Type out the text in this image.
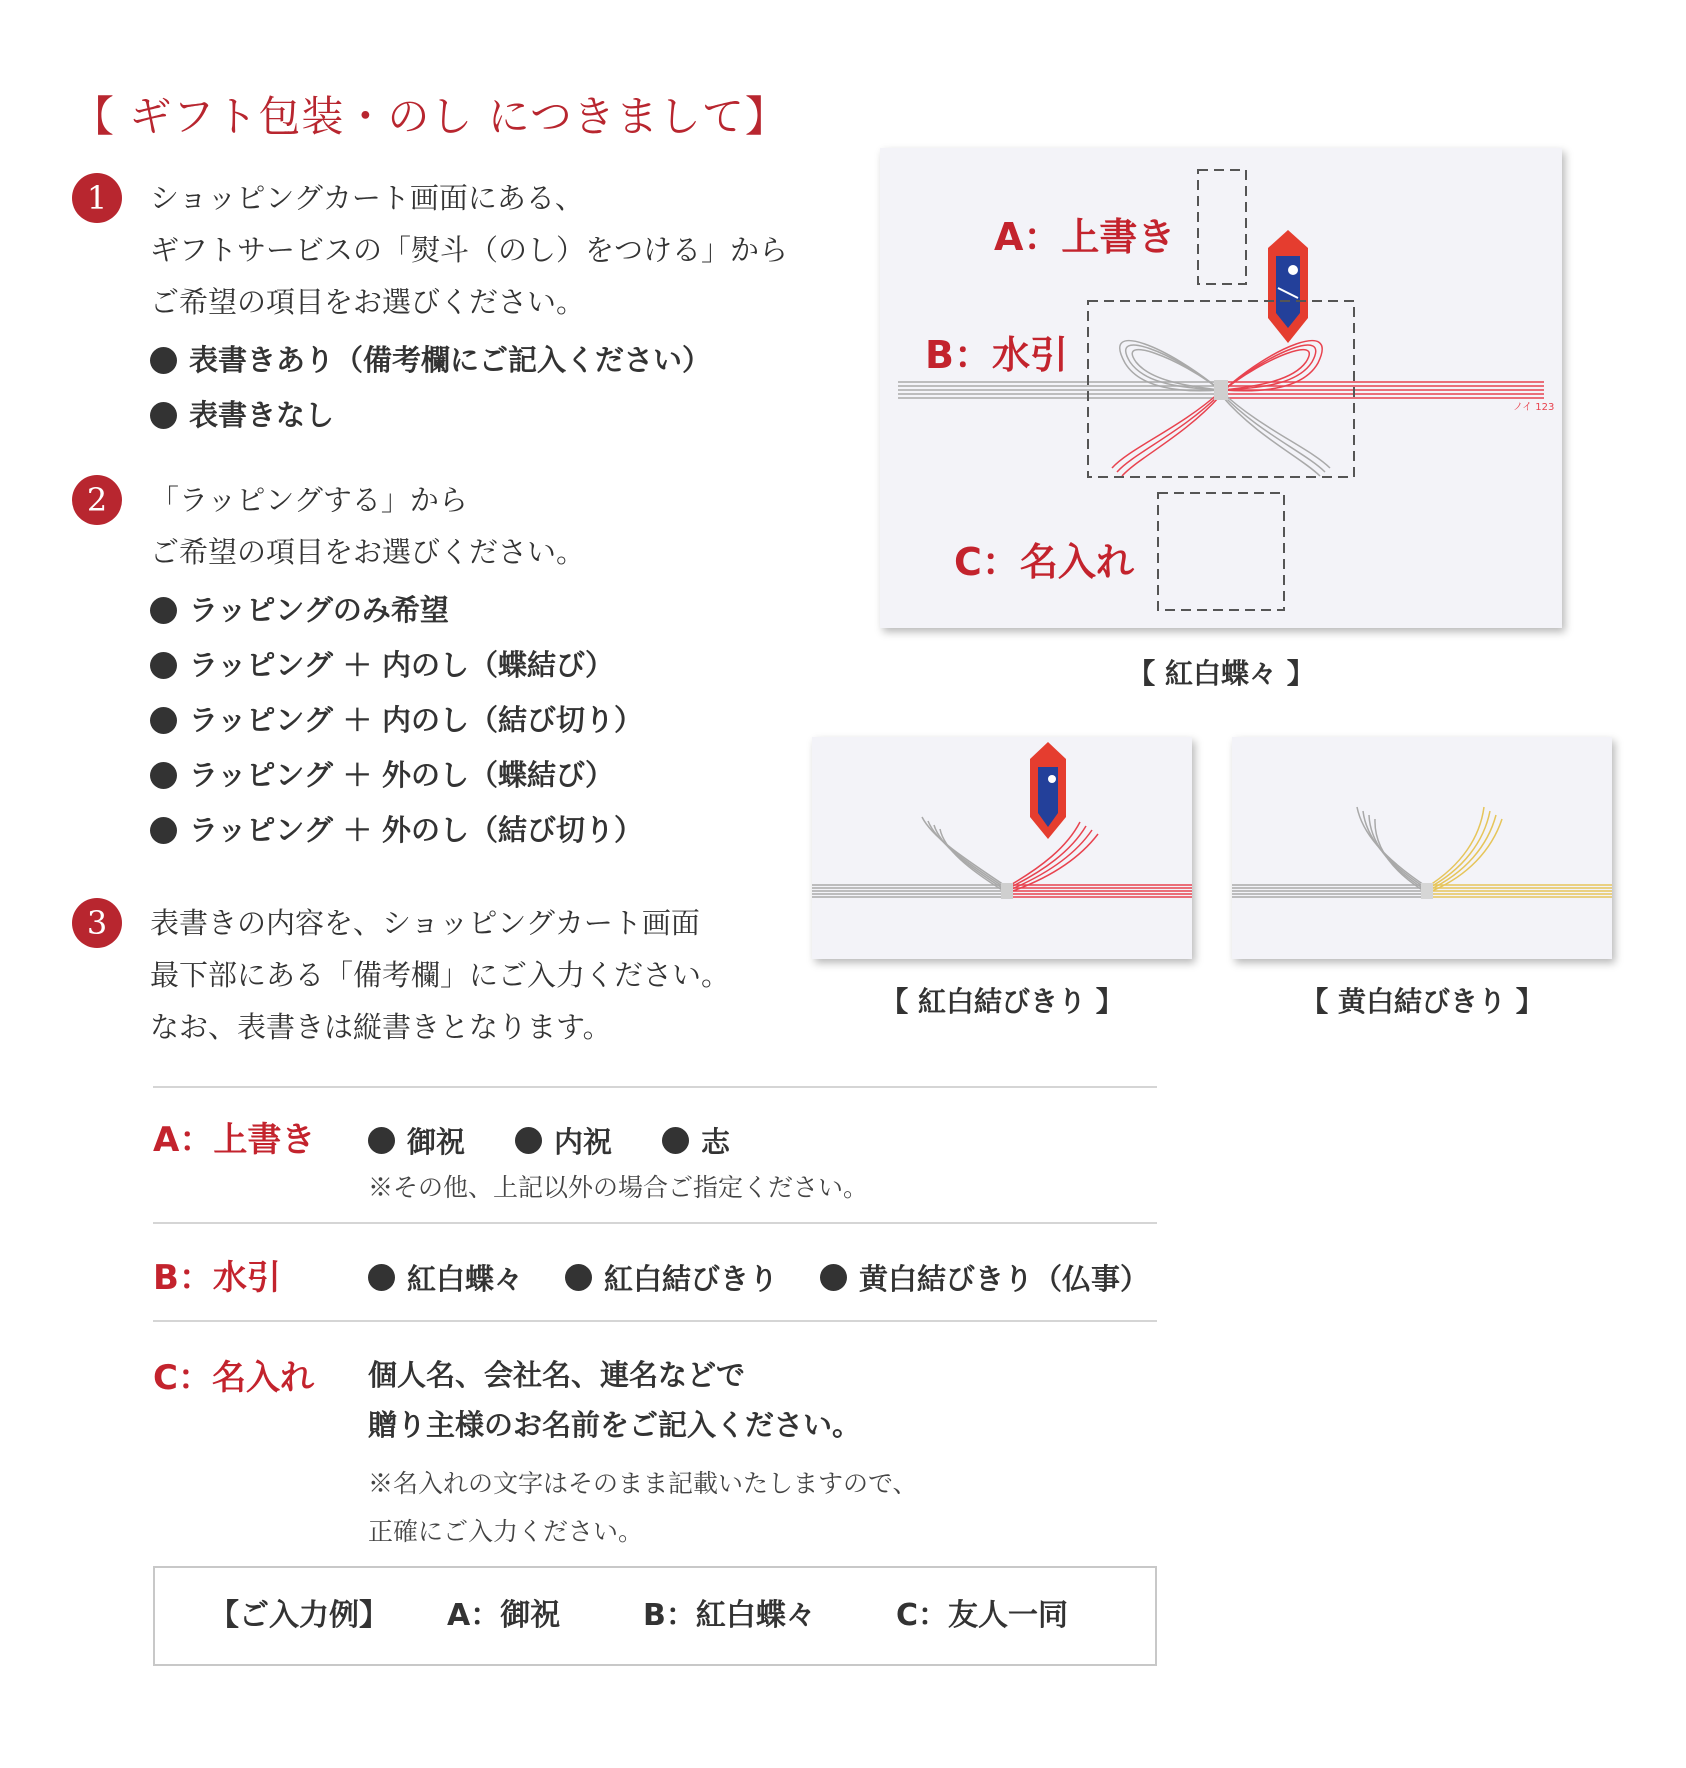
【 ギフト包装・のし につきまして】
1	ショッピングカート画面にある、
ギフトサービスの「熨斗（のし）をつける」から
ご希望の項目をお選びください。
表書きあり（備考欄にご記入ください）
表書きなし
2	「ラッピングする」から
ご希望の項目をお選びください。
ラッピングのみ希望
ラッピング ＋ 内のし（蝶結び）
ラッピング ＋ 内のし（結び切り）
ラッピング ＋ 外のし（蝶結び）
ラッピング ＋ 外のし（結び切り）
3	表書きの内容を、ショッピングカート画面
最下部にある「備考欄」にご入力ください。
なお、表書きは縦書きとなります。
ノイ 123
A：上書き
B：水引
C：名入れ
【 紅白蝶々 】
【 紅白結びきり 】	【 黄白結びきり 】
A：上書き	御祝	内祝	志
※その他、上記以外の場合ご指定ください。
B：水引	紅白蝶々	紅白結びきり	黄白結びきり（仏事）
C：名入れ 個人名、会社名、連名などで
贈り主様のお名前をご記入ください。
※名入れの文字はそのまま記載いたしますので、
正確にご入力ください。
【ご入力例】 A：御祝	B：紅白蝶々	C：友人一同
